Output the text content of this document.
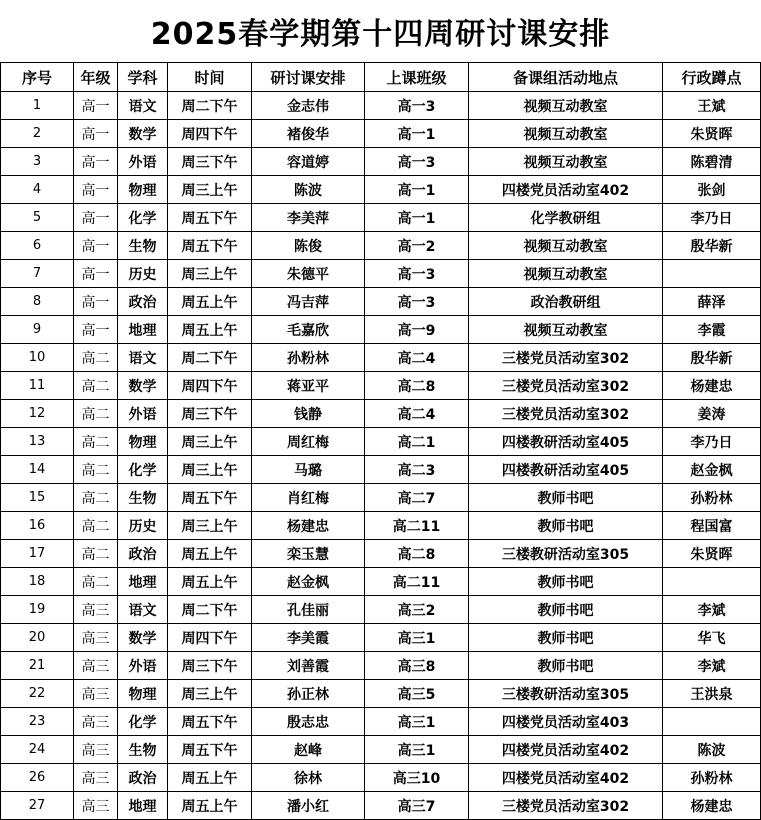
2025春学期第十四周研讨课安排
序号	年级	学科	时间	研讨课安排	上课班级	备课组活动地点	行政蹲点
1	高一	语文	周二下午	金志伟	高一3	视频互动教室	王斌
2	高一	数学	周四下午	褚俊华	高一1	视频互动教室	朱贤晖
3	高一	外语	周三下午	容道婷	高一3	视频互动教室	陈碧清
4	高一	物理	周三上午	陈波	高一1	四楼党员活动室402	张剑
5	高一	化学	周五下午	李美萍	高一1	化学教研组	李乃日
6	高一	生物	周五下午	陈俊	高一2	视频互动教室	殷华新
7	高一	历史	周三上午	朱德平	高一3	视频互动教室	
8	高一	政治	周五上午	冯吉萍	高一3	政治教研组	薛泽
9	高一	地理	周五上午	毛嘉欣	高一9	视频互动教室	李霞
10	高二	语文	周二下午	孙粉林	高二4	三楼党员活动室302	殷华新
11	高二	数学	周四下午	蒋亚平	高二8	三楼党员活动室302	杨建忠
12	高二	外语	周三下午	钱静	高二4	三楼党员活动室302	姜涛
13	高二	物理	周三上午	周红梅	高二1	四楼教研活动室405	李乃日
14	高二	化学	周三上午	马璐	高二3	四楼教研活动室405	赵金枫
15	高二	生物	周五下午	肖红梅	高二7	教师书吧	孙粉林
16	高二	历史	周三上午	杨建忠	高二11	教师书吧	程国富
17	高二	政治	周五上午	栾玉慧	高二8	三楼教研活动室305	朱贤晖
18	高二	地理	周五上午	赵金枫	高二11	教师书吧	
19	高三	语文	周二下午	孔佳丽	高三2	教师书吧	李斌
20	高三	数学	周四下午	李美霞	高三1	教师书吧	华飞
21	高三	外语	周三下午	刘善霞	高三8	教师书吧	李斌
22	高三	物理	周三上午	孙正林	高三5	三楼教研活动室305	王洪泉
23	高三	化学	周五下午	殷志忠	高三1	四楼党员活动室403	
24	高三	生物	周五下午	赵峰	高三1	四楼党员活动室402	陈波
26	高三	政治	周五上午	徐林	高三10	四楼党员活动室402	孙粉林
27	高三	地理	周五上午	潘小红	高三7	三楼党员活动室302	杨建忠
